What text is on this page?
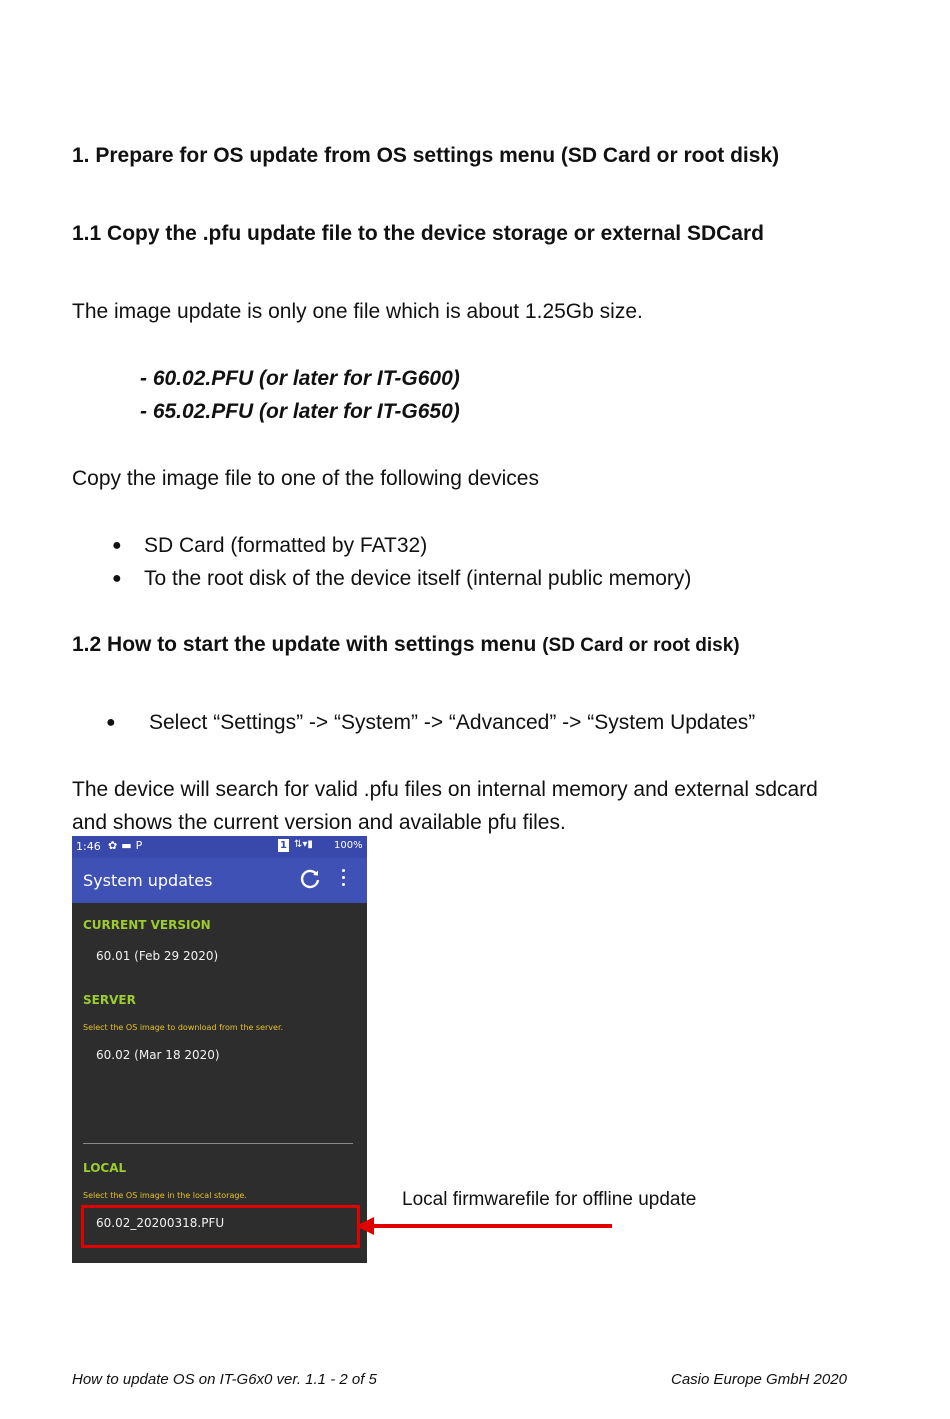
1. Prepare for OS update from OS settings menu (SD Card or root disk)
1.1 Copy the .pfu update file to the device storage or external SDCard
The image update is only one file which is about 1.25Gb size.
- 60.02.PFU (or later for IT-G600)
- 65.02.PFU (or later for IT-G650)
Copy the image file to one of the following devices
● SD Card (formatted by FAT32)
● To the root disk of the device itself (internal public memory)
1.2 How to start the update with settings menu (SD Card or root disk)
● Select “Settings” -> “System” -> “Advanced” -> “System Updates”
The device will search for valid .pfu files on internal memory and external sdcard
and shows the current version and available pfu files.
1:46 ✿▬P	1 ⇅▾▮ 100%
System updates
CURRENT VERSION
60.01 (Feb 29 2020)
SERVER
Select the OS image to download from the server.
60.02 (Mar 18 2020)
LOCAL
Select the OS image in the local storage.
60.02_20200318.PFU
Local firmwarefile for offline update
How to update OS on IT-G6x0 ver. 1.1 - 2 of 5	Casio Europe GmbH 2020
